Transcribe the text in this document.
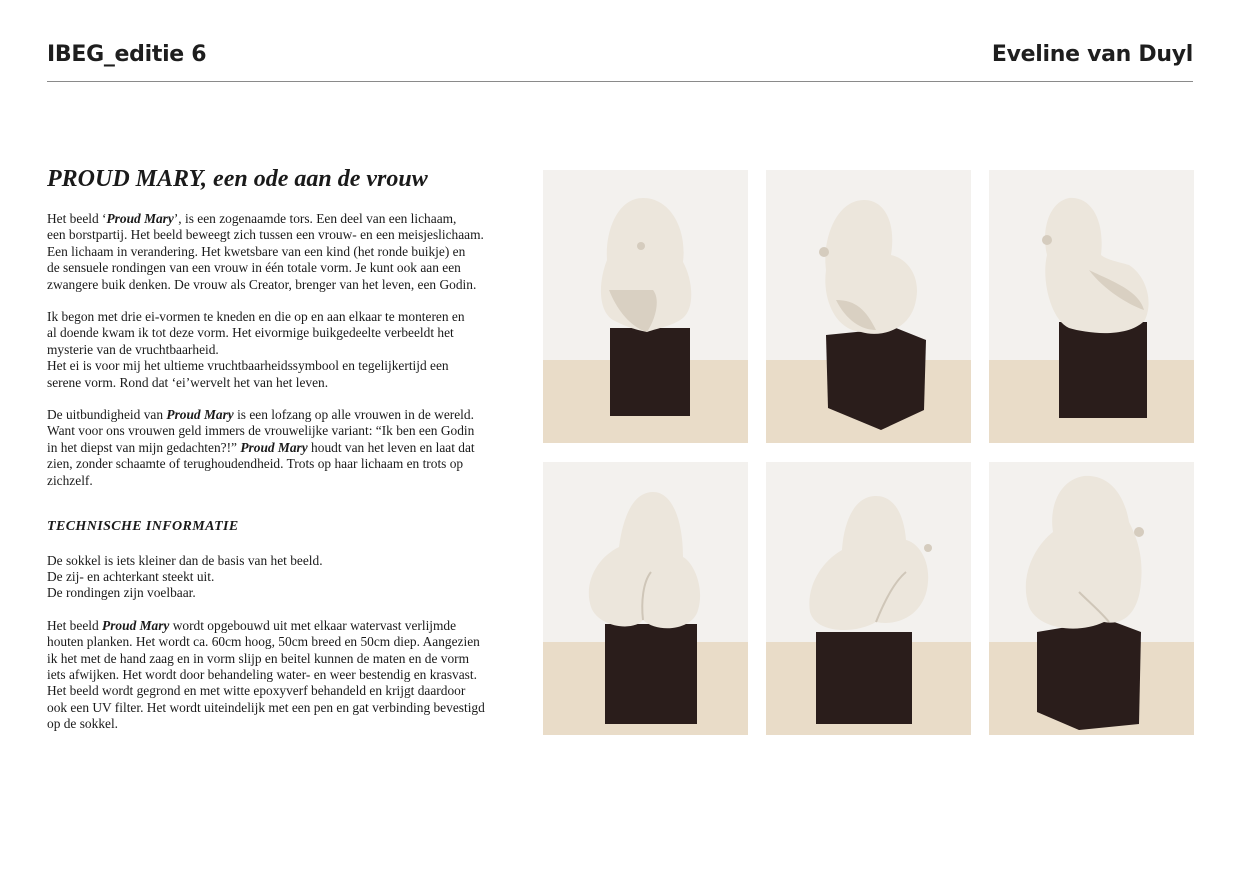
IBEG_editie 6	Eveline van Duyl
PROUD MARY, een ode aan de vrouw
Het beeld ‘Proud Mary’, is een zogenaamde tors. Een deel van een lichaam,
een borstpartij. Het beeld beweegt zich tussen een vrouw- en een meisjeslichaam.
Een lichaam in verandering. Het kwetsbare van een kind (het ronde buikje) en
de sensuele rondingen van een vrouw in één totale vorm. Je kunt ook aan een
zwangere buik denken. De vrouw als Creator, brenger van het leven, een Godin.
Ik begon met drie ei-vormen te kneden en die op en aan elkaar te monteren en
al doende kwam ik tot deze vorm. Het eivormige buikgedeelte verbeeldt het
mysterie van de vruchtbaarheid.
Het ei is voor mij het ultieme vruchtbaarheidssymbool en tegelijkertijd een
serene vorm. Rond dat ‘ei’wervelt het van het leven.
De uitbundigheid van Proud Mary is een lofzang op alle vrouwen in de wereld.
Want voor ons vrouwen geld immers de vrouwelijke variant: “Ik ben een Godin
in het diepst van mijn gedachten?!” Proud Mary houdt van het leven en laat dat
zien, zonder schaamte of terughoudendheid. Trots op haar lichaam en trots op
zichzelf.
TECHNISCHE INFORMATIE
De sokkel is iets kleiner dan de basis van het beeld.
De zij- en achterkant steekt uit.
De rondingen zijn voelbaar.
Het beeld Proud Mary wordt opgebouwd uit met elkaar watervast verlijmde
houten planken. Het wordt ca. 60cm hoog, 50cm breed en 50cm diep. Aangezien
ik het met de hand zaag en in vorm slijp en beitel kunnen de maten en de vorm
iets afwijken. Het wordt door behandeling water- en weer bestendig en krasvast.
Het beeld wordt gegrond en met witte epoxyverf behandeld en krijgt daardoor
ook een UV filter. Het wordt uiteindelijk met een pen en gat verbinding bevestigd
op de sokkel.
